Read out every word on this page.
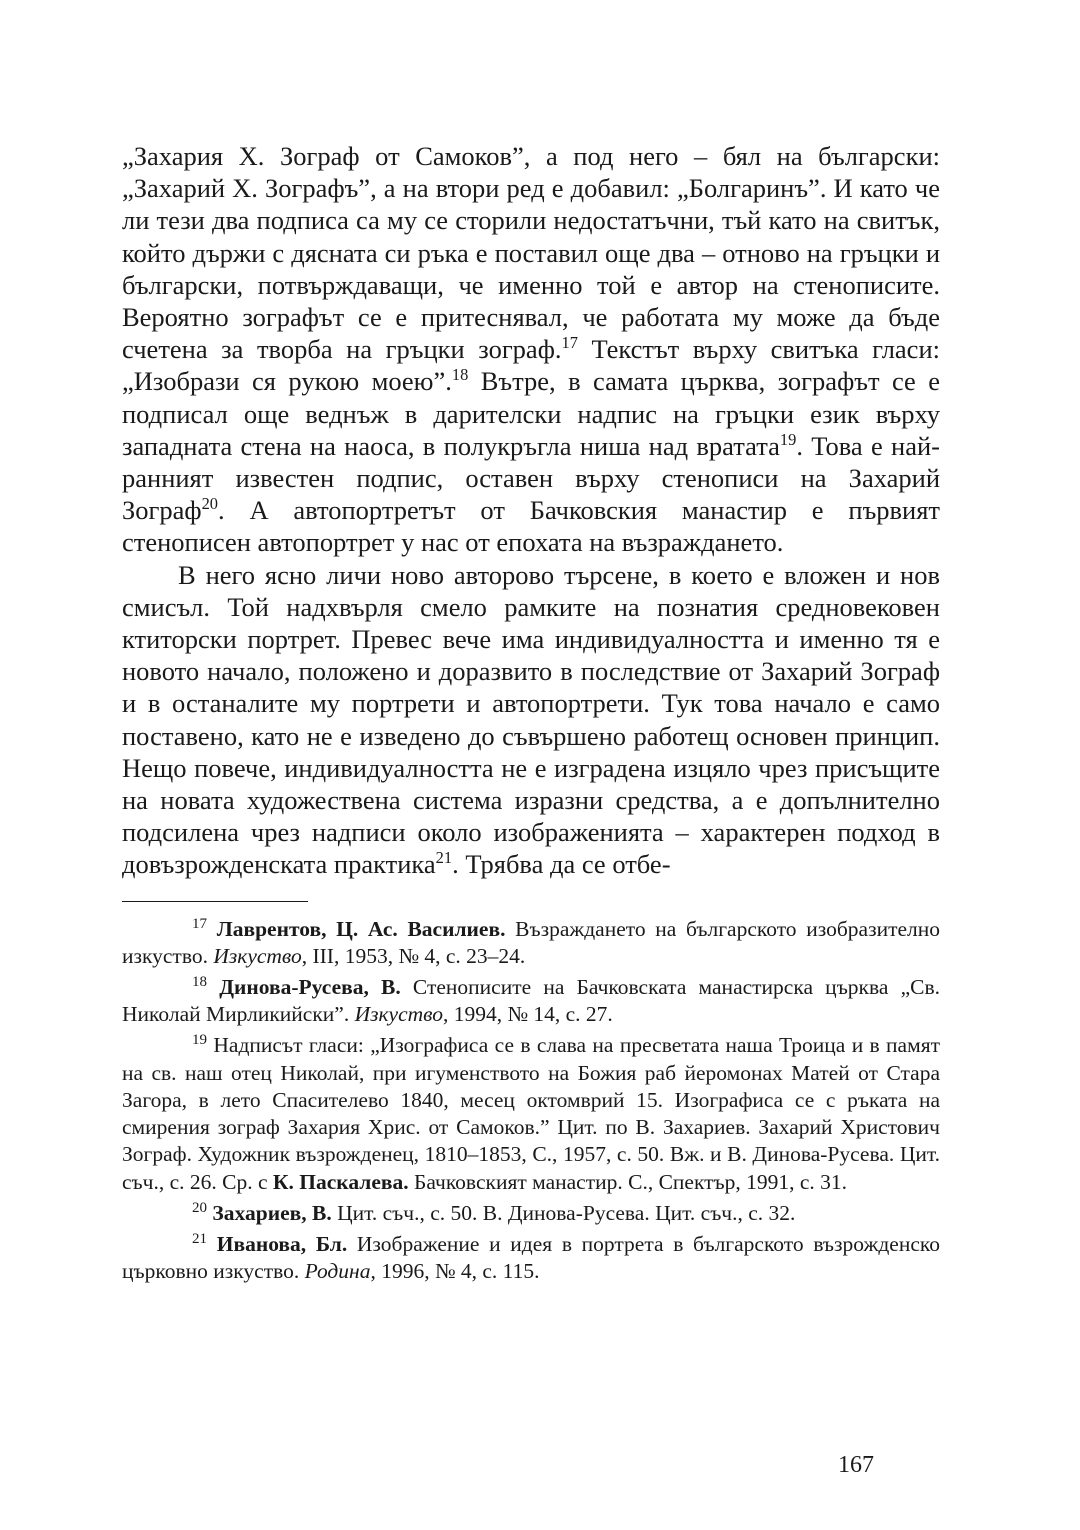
„Захария Х. Зограф от Самоков”, а под него – бял на български: „Захарий Х. Зографъ”, а на втори ред е добавил: „Болгаринъ”. И като че ли тези два подписа са му се сторили недостатъчни, тъй като на свитък, който държи с дясната си ръка е поставил още два – отново на гръцки и български, потвърждаващи, че именно той е автор на стенописите. Вероятно зографът се е притеснявал, че работата му може да бъде счетена за творба на гръцки зограф.$^{17}$ Текстът върху свитъка гласи: „Изобрази ся рукою моею”.$^{18}$ Вътре, в самата църква, зографът се е подписал още веднъж в дарителски надпис на гръцки език върху западната стена на наоса, в полукръгла ниша над вратата$^{19}$. Това е най-ранният известен подпис, оставен върху стенописи на Захарий Зограф$^{20}$. А автопортретът от Бачковския манастир е първият стенописен автопортрет у нас от епохата на възраждането.

В него ясно личи ново авторово търсене, в което е вложен и нов смисъл. Той надхвърля смело рамките на познатия средновековен ктиторски портрет. Превес вече има индивидуалността и именно тя е новото начало, положено и доразвито в последствие от Захарий Зограф и в останалите му портрети и автопортрети. Тук това начало е само поставено, като не е изведено до съвършено работещ основен принцип. Нещо повече, индивидуалността не е изградена изцяло чрез присъщите на новата художествена система изразни средства, а е допълнително подсилена чрез надписи около изображенията – характерен подход в довъзрожденската практика$^{21}$. Трябва да се отбе-

$^{17}$ Лаврентов, Ц. Ас. Василиев. Възраждането на българското изобразително изкуство. Изкуство, III, 1953, № 4, с. 23–24.

$^{18}$ Динова-Русева, В. Стенописите на Бачковската манастирска църква „Св. Николай Мирликийски”. Изкуство, 1994, № 14, с. 27.

$^{19}$ Надписът гласи: „Изографиса се в слава на пресветата наша Троица и в памят на св. наш отец Николай, при игуменството на Божия раб йеромонах Матей от Стара Загора, в лето Спасителево 1840, месец октомврий 15. Изографиса се с ръката на смирения зограф Захария Хрис. от Самоков.” Цит. по В. Захариев. Захарий Христович Зограф. Художник възрожденец, 1810–1853, С., 1957, с. 50. Вж. и В. Динова-Русева. Цит. съч., с. 26. Ср. с К. Паскалева. Бачковският манастир. С., Спектър, 1991, с. 31.

$^{20}$ Захариев, В. Цит. съч., с. 50. В. Динова-Русева. Цит. съч., с. 32.

$^{21}$ Иванова, Бл. Изображение и идея в портрета в българското възрожденско църковно изкуство. Родина, 1996, № 4, с. 115.

167
